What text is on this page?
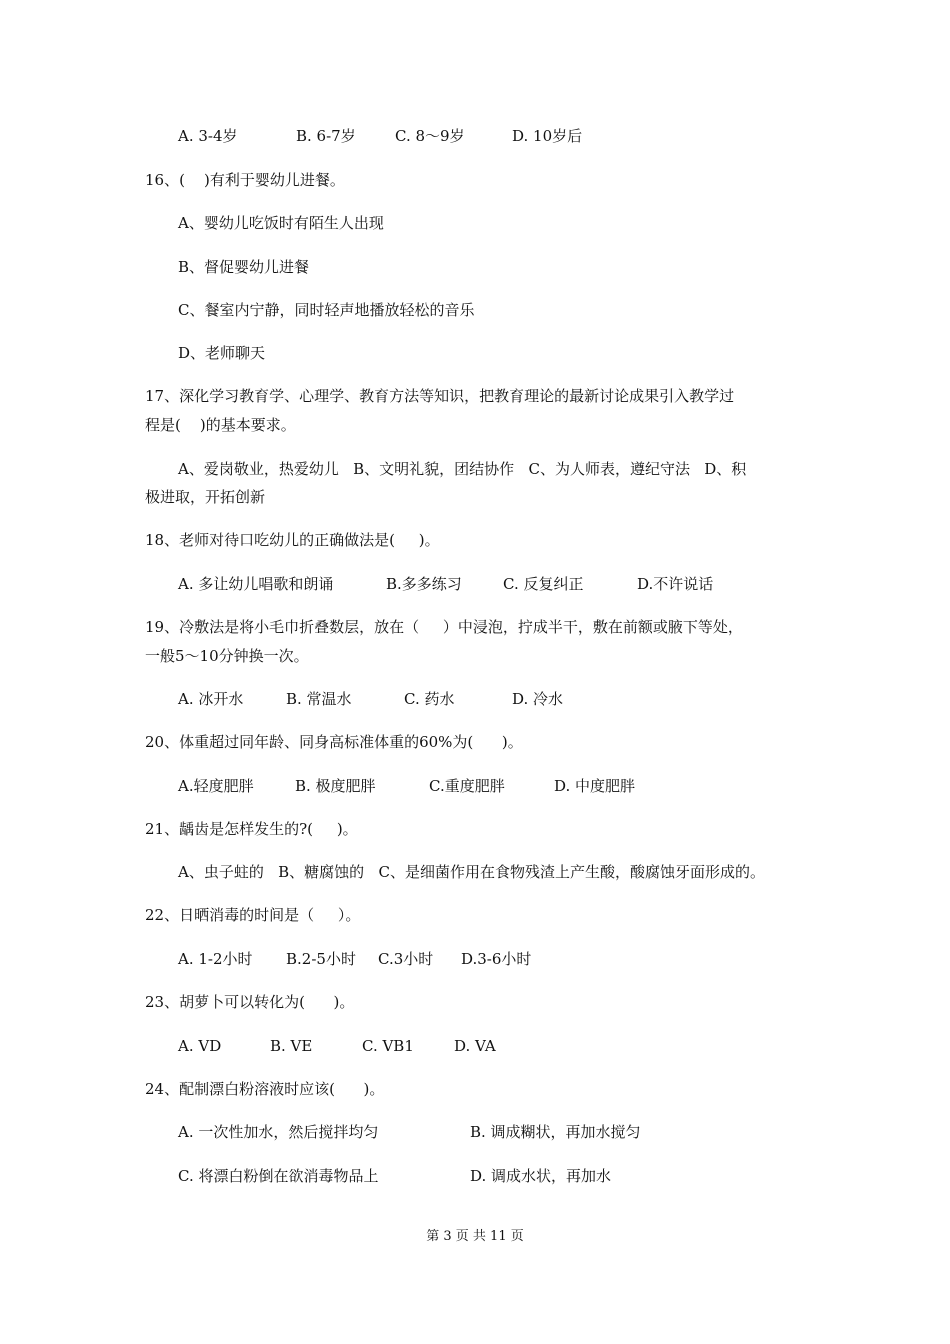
A. 3-4岁	B. 6-7岁	C. 8～9岁	D. 10岁后
16、(    )有利于婴幼儿进餐。
A、婴幼儿吃饭时有陌生人出现
B、督促婴幼儿进餐
C、餐室内宁静，同时轻声地播放轻松的音乐
D、老师聊天
17、深化学习教育学、心理学、教育方法等知识，把教育理论的最新讨论成果引入教学过
程是(    )的基本要求。
A、爱岗敬业，热爱幼儿   B、文明礼貌，团结协作   C、为人师表，遵纪守法   D、积
极进取，开拓创新
18、老师对待口吃幼儿的正确做法是(     )。
A. 多让幼儿唱歌和朗诵	B.多多练习	C. 反复纠正	D.不许说话
19、冷敷法是将小毛巾折叠数层，放在（     ）中浸泡，拧成半干，敷在前额或腋下等处，
一般5～10分钟换一次。
A. 冰开水	B. 常温水	C. 药水	D. 冷水
20、体重超过同年龄、同身高标准体重的60%为(      )。
A.轻度肥胖	B. 极度肥胖	C.重度肥胖	D. 中度肥胖
21、龋齿是怎样发生的?(     )。
A、虫子蛀的   B、糖腐蚀的   C、是细菌作用在食物残渣上产生酸，酸腐蚀牙面形成的。
22、日晒消毒的时间是（     ）。
A. 1-2小时 B.2-5小时 C.3小时 D.3-6小时
23、胡萝卜可以转化为(      )。
A. VD	B. VE	C. VB1	D. VA
24、配制漂白粉溶液时应该(      )。
A. 一次性加水，然后搅拌均匀	B. 调成糊状，再加水搅匀
C. 将漂白粉倒在欲消毒物品上	D. 调成水状，再加水
第 3 页 共 11 页
